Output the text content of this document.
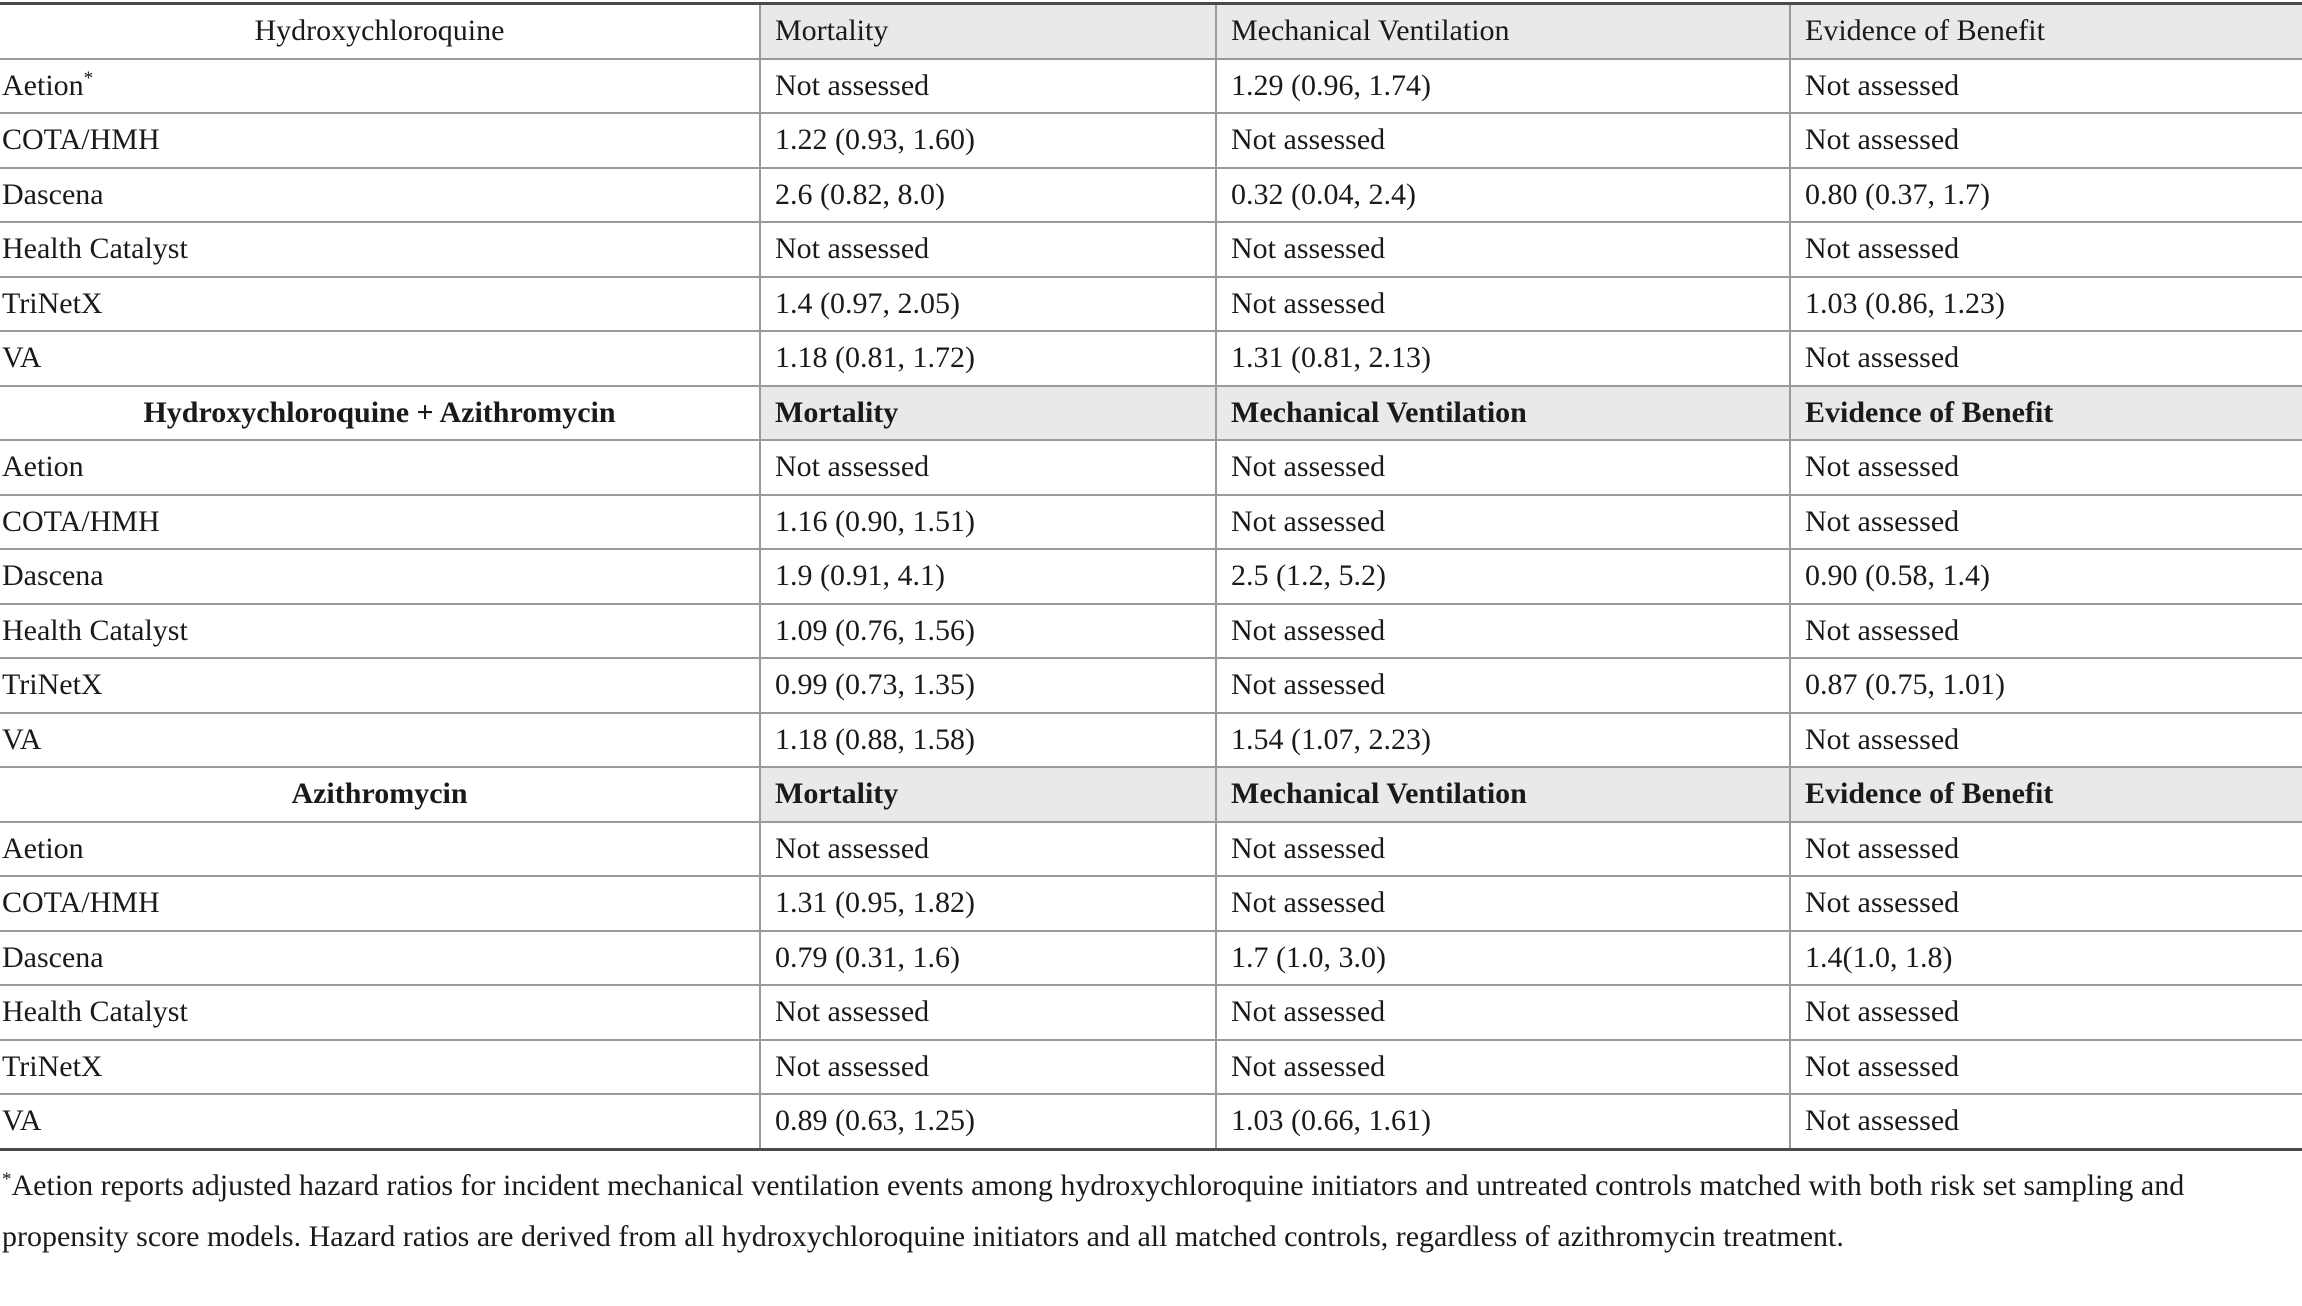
Hydroxychloroquine	Mortality	Mechanical Ventilation	Evidence of Benefit
Aetion*	Not assessed	1.29 (0.96, 1.74)	Not assessed
COTA/HMH	1.22 (0.93, 1.60)	Not assessed	Not assessed
Dascena	2.6 (0.82, 8.0)	0.32 (0.04, 2.4)	0.80 (0.37, 1.7)
Health Catalyst	Not assessed	Not assessed	Not assessed
TriNetX	1.4 (0.97, 2.05)	Not assessed	1.03 (0.86, 1.23)
VA	1.18 (0.81, 1.72)	1.31 (0.81, 2.13)	Not assessed
Hydroxychloroquine + Azithromycin	Mortality	Mechanical Ventilation	Evidence of Benefit
Aetion	Not assessed	Not assessed	Not assessed
COTA/HMH	1.16 (0.90, 1.51)	Not assessed	Not assessed
Dascena	1.9 (0.91, 4.1)	2.5 (1.2, 5.2)	0.90 (0.58, 1.4)
Health Catalyst	1.09 (0.76, 1.56)	Not assessed	Not assessed
TriNetX	0.99 (0.73, 1.35)	Not assessed	0.87 (0.75, 1.01)
VA	1.18 (0.88, 1.58)	1.54 (1.07, 2.23)	Not assessed
Azithromycin	Mortality	Mechanical Ventilation	Evidence of Benefit
Aetion	Not assessed	Not assessed	Not assessed
COTA/HMH	1.31 (0.95, 1.82)	Not assessed	Not assessed
Dascena	0.79 (0.31, 1.6)	1.7 (1.0, 3.0)	1.4(1.0, 1.8)
Health Catalyst	Not assessed	Not assessed	Not assessed
TriNetX	Not assessed	Not assessed	Not assessed
VA	0.89 (0.63, 1.25)	1.03 (0.66, 1.61)	Not assessed
*Aetion reports adjusted hazard ratios for incident mechanical ventilation events among hydroxychloroquine initiators and untreated controls matched with both risk set sampling and propensity score models. Hazard ratios are derived from all hydroxychloroquine initiators and all matched controls, regardless of azithromycin treatment.
